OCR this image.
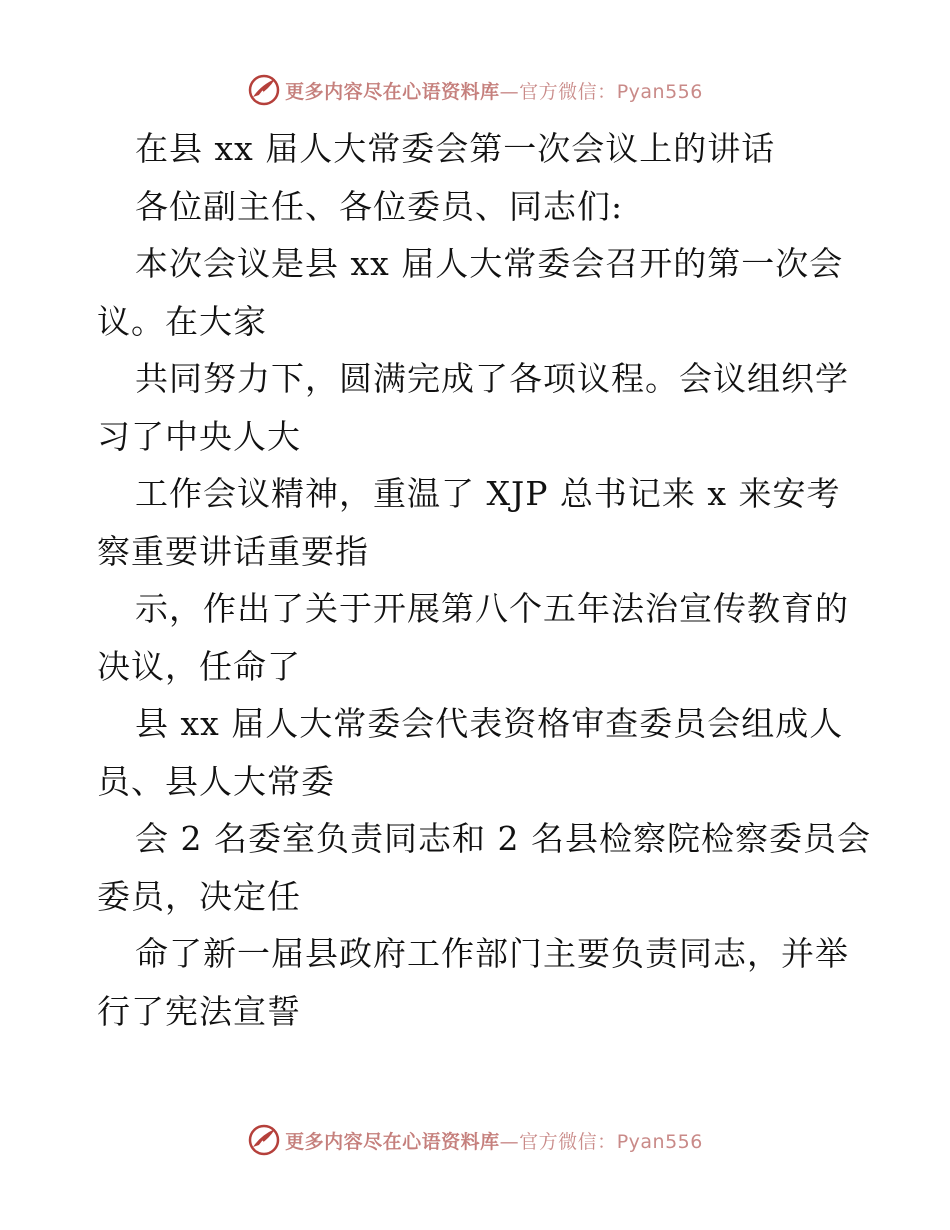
更多内容尽在心语资料库—官方微信：Pyan556
在县 xx 届人大常委会第一次会议上的讲话
各位副主任、各位委员、同志们:
本次会议是县 xx 届人大常委会召开的第一次会
议。在大家
共同努力下，圆满完成了各项议程。会议组织学
习了中央人大
工作会议精神，重温了 XJP 总书记来 x 来安考
察重要讲话重要指
示，作出了关于开展第八个五年法治宣传教育的
决议，任命了
县 xx 届人大常委会代表资格审查委员会组成人
员、县人大常委
会 2 名委室负责同志和 2 名县检察院检察委员会
委员，决定任
命了新一届县政府工作部门主要负责同志，并举
行了宪法宣誓
更多内容尽在心语资料库—官方微信：Pyan556
